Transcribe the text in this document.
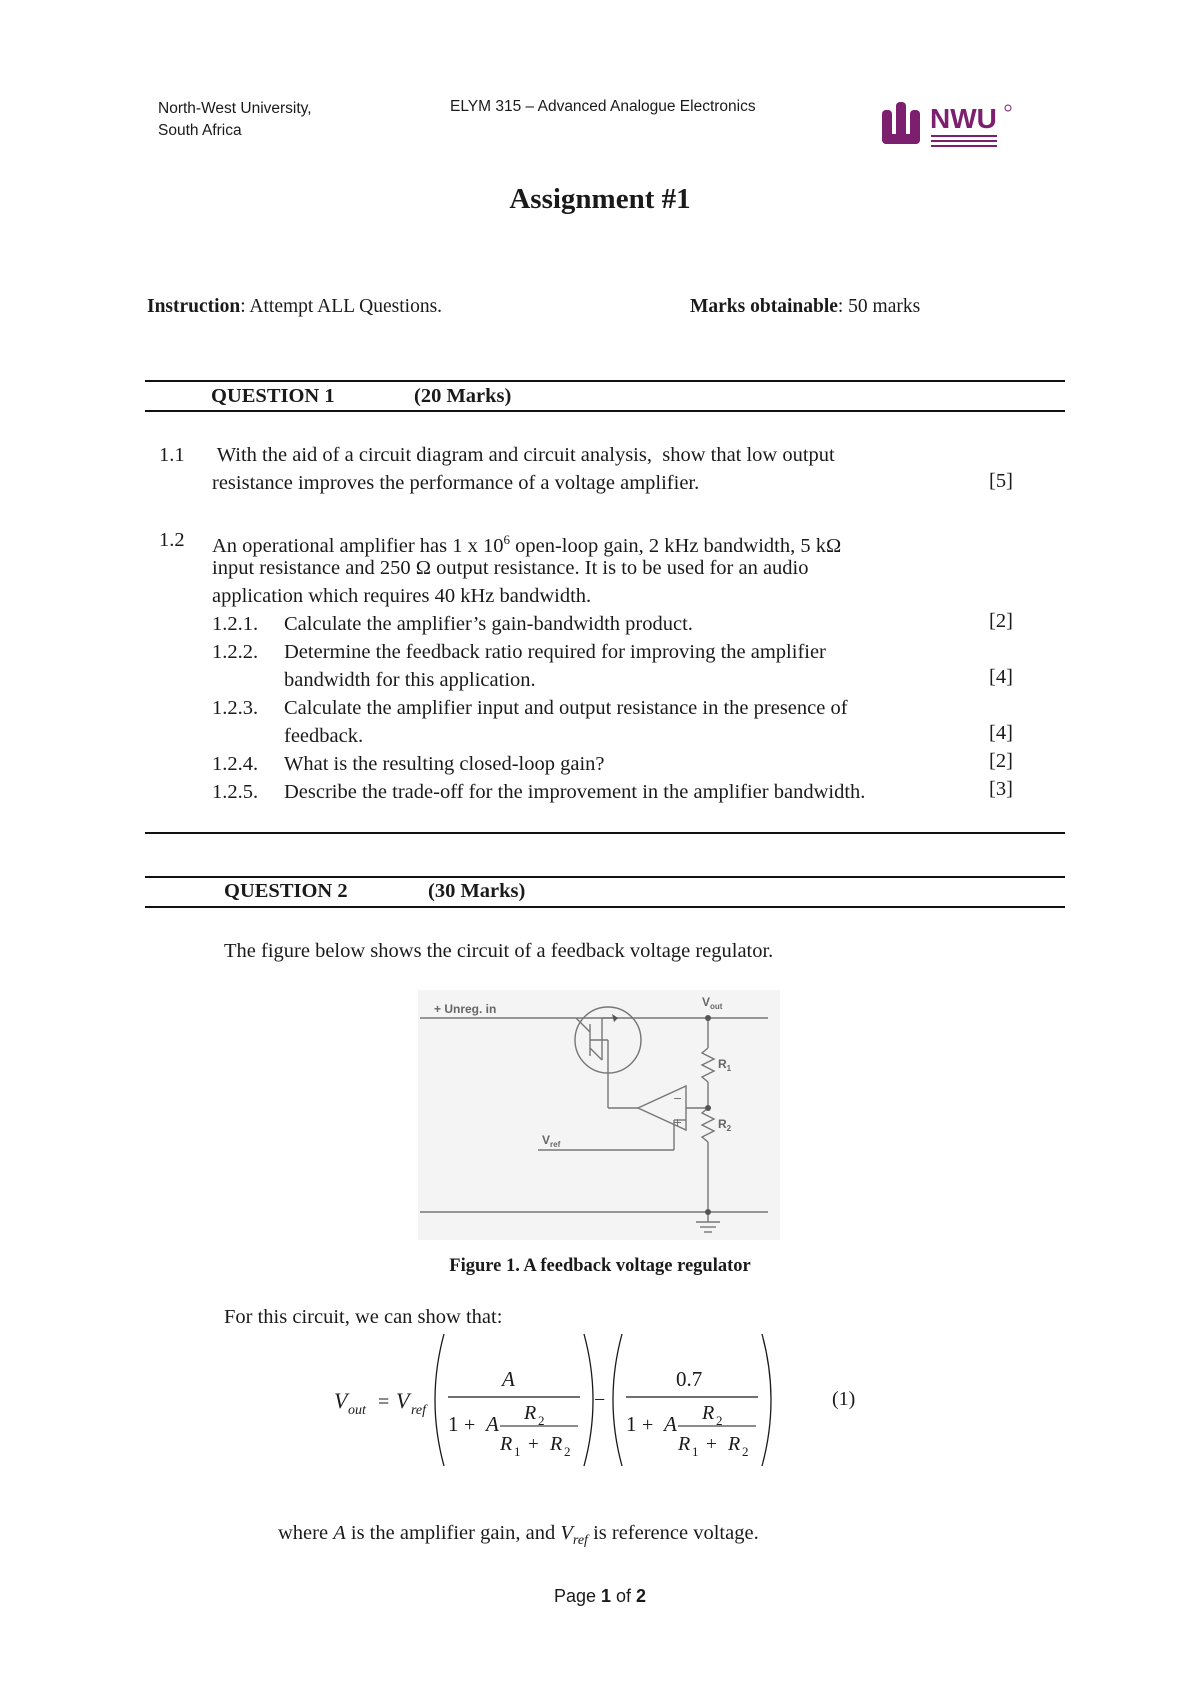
North-West University,
South Africa
ELYM 315 – Advanced Analogue Electronics	NWU
Assignment #1
Instruction: Attempt ALL Questions.	Marks obtainable: 50 marks
QUESTION 1	(20 Marks)
1.1 With the aid of a circuit diagram and circuit analysis,  show that low output
resistance improves the performance of a voltage amplifier.	[5]
1.2 An operational amplifier has 1 x $10^6$ open-loop gain, 2 kHz bandwidth, 5 kΩ
input resistance and 250 Ω output resistance. It is to be used for an audio
application which requires 40 kHz bandwidth.
1.2.1. Calculate the amplifier’s gain-bandwidth product.	[2]
1.2.2. Determine the feedback ratio required for improving the amplifier
bandwidth for this application.	[4]
1.2.3. Calculate the amplifier input and output resistance in the presence of
feedback.	[4]
1.2.4. What is the resulting closed-loop gain?	[2]
1.2.5. Describe the trade-off for the improvement in the amplifier bandwidth.	[3]
QUESTION 2	(30 Marks)
The figure below shows the circuit of a feedback voltage regulator.
−
+
+ Unreg. in	$V_{out}$
$R_1$
$R_2$
$V_{ref}$
Figure 1. A feedback voltage regulator
For this circuit, we can show that:
V out = V ref
A
1 + A R 2
R 1 + R 2
−
0.7
1 + A R 2
R 1 + R 2
(1)
where A is the amplifier gain, and $V_{ref}$ is reference voltage.
Page 1 of 2
